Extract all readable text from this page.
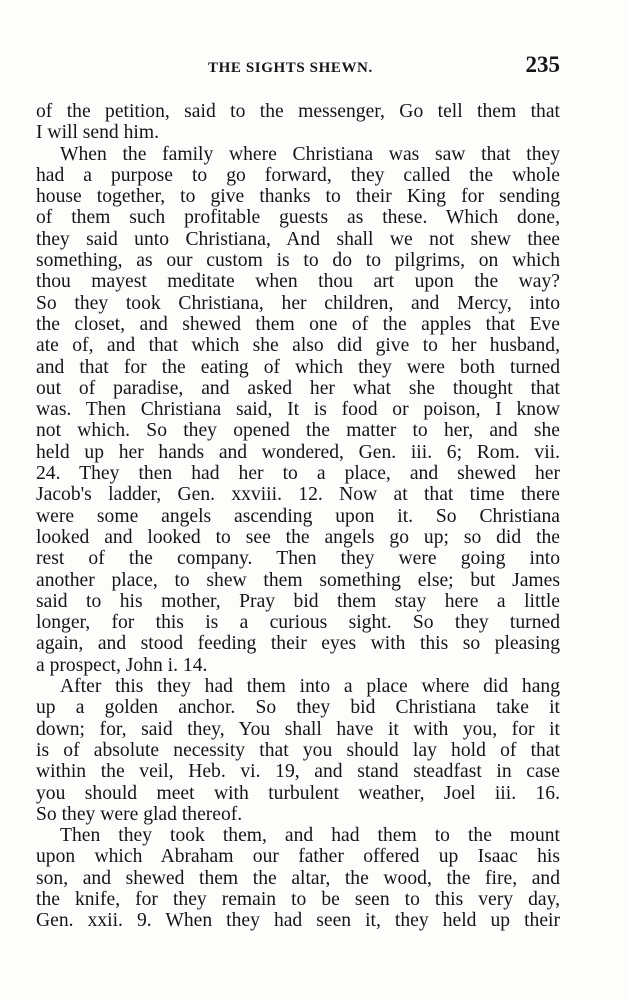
THE SIGHTS SHEWN.	235
of the petition, said to the messenger, Go tell them that
I will send him.
When the family where Christiana was saw that they
had a purpose to go forward, they called the whole
house together, to give thanks to their King for sending
of them such profitable guests as these. Which done,
they said unto Christiana, And shall we not shew thee
something, as our custom is to do to pilgrims, on which
thou mayest meditate when thou art upon the way?
So they took Christiana, her children, and Mercy, into
the closet, and shewed them one of the apples that Eve
ate of, and that which she also did give to her husband,
and that for the eating of which they were both turned
out of paradise, and asked her what she thought that
was. Then Christiana said, It is food or poison, I know
not which. So they opened the matter to her, and she
held up her hands and wondered, Gen. iii. 6; Rom. vii.
24. They then had her to a place, and shewed her
Jacob's ladder, Gen. xxviii. 12. Now at that time there
were some angels ascending upon it. So Christiana
looked and looked to see the angels go up; so did the
rest of the company. Then they were going into
another place, to shew them something else; but James
said to his mother, Pray bid them stay here a little
longer, for this is a curious sight. So they turned
again, and stood feeding their eyes with this so pleasing
a prospect, John i. 14.
After this they had them into a place where did hang
up a golden anchor. So they bid Christiana take it
down; for, said they, You shall have it with you, for it
is of absolute necessity that you should lay hold of that
within the veil, Heb. vi. 19, and stand steadfast in case
you should meet with turbulent weather, Joel iii. 16.
So they were glad thereof.
Then they took them, and had them to the mount
upon which Abraham our father offered up Isaac his
son, and shewed them the altar, the wood, the fire, and
the knife, for they remain to be seen to this very day,
Gen. xxii. 9. When they had seen it, they held up their
